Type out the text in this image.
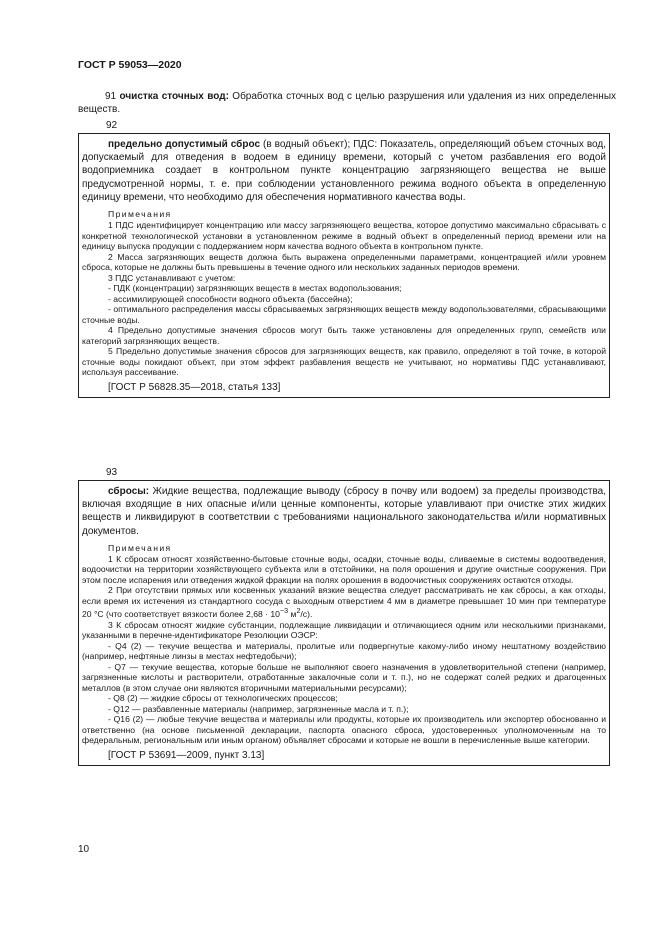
ГОСТ Р 59053—2020

91 очистка сточных вод: Обработка сточных вод с целью разрушения или удаления из них определенных веществ.

92

предельно допустимый сброс (в водный объект); ПДС: Показатель, определяющий объем сточных вод, допускаемый для отведения в водоем в единицу времени, который с учетом разбавления его водой водоприемника создает в контрольном пункте концентрацию загрязняющего вещества не выше предусмотренной нормы, т. е. при соблюдении установленного режима водного объекта в определенную единицу времени, что необходимо для обеспечения нормативного качества воды.

Примечания

1 ПДС идентифицирует концентрацию или массу загрязняющего вещества, которое допустимо максимально сбрасывать с конкретной технологической установки в установленном режиме в водный объект в определенный период времени или на единицу выпуска продукции с поддержанием норм качества водного объекта в контрольном пункте.

2 Масса загрязняющих веществ должна быть выражена определенными параметрами, концентрацией и/или уровнем сброса, которые не должны быть превышены в течение одного или нескольких заданных периодов времени.

3 ПДС устанавливают с учетом:

- ПДК (концентрации) загрязняющих веществ в местах водопользования;

- ассимилирующей способности водного объекта (бассейна);

- оптимального распределения массы сбрасываемых загрязняющих веществ между водопользователями, сбрасывающими сточные воды.

4 Предельно допустимые значения сбросов могут быть также установлены для определенных групп, семейств или категорий загрязняющих веществ.

5 Предельно допустимые значения сбросов для загрязняющих веществ, как правило, определяют в той точке, в которой сточные воды покидают объект, при этом эффект разбавления веществ не учитывают, но нормативы ПДС устанавливают, используя рассеивание.

[ГОСТ Р 56828.35—2018, статья 133]
93

сбросы: Жидкие вещества, подлежащие выводу (сбросу в почву или водоем) за пределы производства, включая входящие в них опасные и/или ценные компоненты, которые улавливают при очистке этих жидких веществ и ликвидируют в соответствии с требованиями национального законодательства и/или нормативных документов.

Примечания

1 К сбросам относят хозяйственно-бытовые сточные воды, осадки, сточные воды, сливаемые в системы водоотведения, водоочистки на территории хозяйствующего субъекта или в отстойники, на поля орошения и другие очистные сооружения. При этом после испарения или отведения жидкой фракции на полях орошения в водоочистных сооружениях остаются отходы.

2 При отсутствии прямых или косвенных указаний вязкие вещества следует рассматривать не как сбросы, а как отходы, если время их истечения из стандартного сосуда с выходным отверстием 4 мм в диаметре превышает 10 мин при температуре 20 °С (что соответствует вязкости более $2,68 \cdot 10^{-3}$ $м^2/с$).

3 К сбросам относят жидкие субстанции, подлежащие ликвидации и отличающиеся одним или несколькими признаками, указанными в перечне-идентификаторе Резолюции ОЭСР:

- Q4 (2) — текучие вещества и материалы, пролитые или подвергнутые какому-либо иному нештатному воздействию (например, нефтяные линзы в местах нефтедобычи);

- Q7 — текучие вещества, которые больше не выполняют своего назначения в удовлетворительной степени (например, загрязненные кислоты и растворители, отработанные закалочные соли и т. п.), но не содержат солей редких и драгоценных металлов (в этом случае они являются вторичными материальными ресурсами);

- Q8 (2) — жидкие сбросы от технологических процессов;

- Q12 — разбавленные материалы (например, загрязненные масла и т. п.);

- Q16 (2) — любые текучие вещества и материалы или продукты, которые их производитель или экспортер обоснованно и ответственно (на основе письменной декларации, паспорта опасного сброса, удостоверенных уполномоченным на то федеральным, региональным или иным органом) объявляет сбросами и которые не вошли в перечисленные выше категории.

[ГОСТ Р 53691—2009, пункт 3.13]
10
